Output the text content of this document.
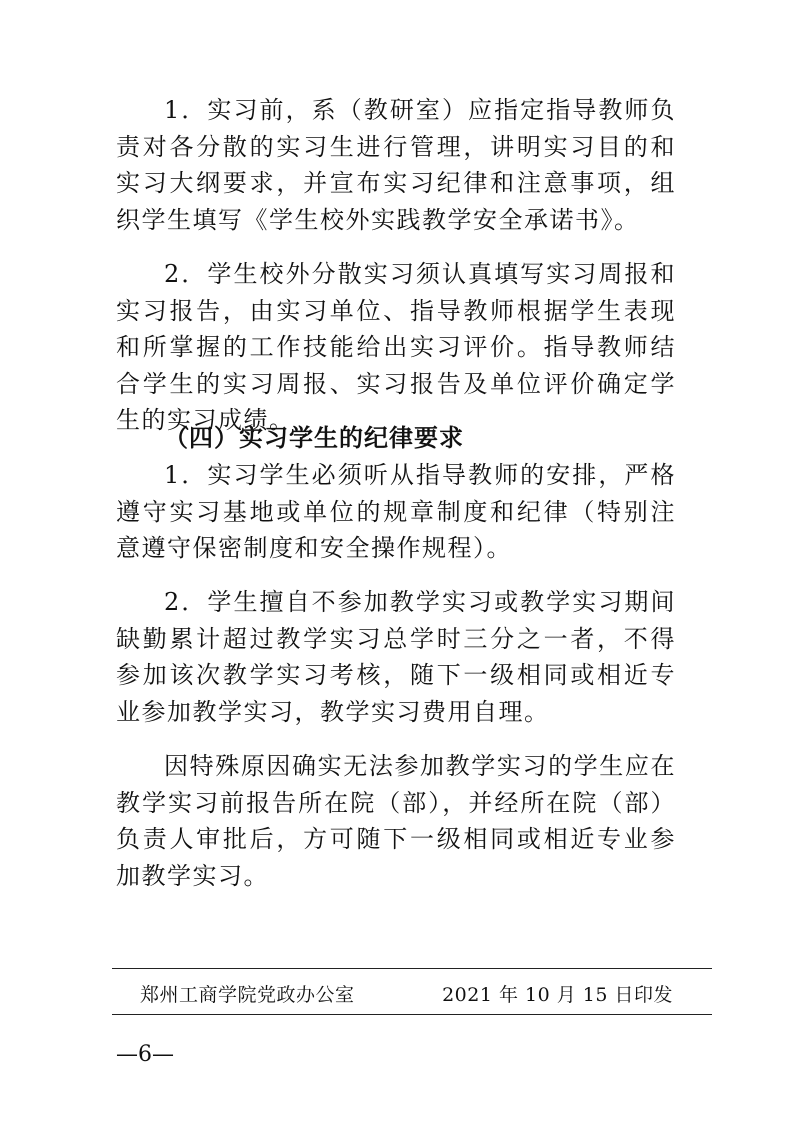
1．实习前，系（教研室）应指定指导教师负责对各分散的实习生进行管理，讲明实习目的和实习大纲要求，并宣布实习纪律和注意事项，组织学生填写《学生校外实践教学安全承诺书》。

2．学生校外分散实习须认真填写实习周报和实习报告，由实习单位、指导教师根据学生表现和所掌握的工作技能给出实习评价。指导教师结合学生的实习周报、实习报告及单位评价确定学生的实习成绩。

（四）实习学生的纪律要求

1．实习学生必须听从指导教师的安排，严格遵守实习基地或单位的规章制度和纪律（特别注意遵守保密制度和安全操作规程）。

2．学生擅自不参加教学实习或教学实习期间缺勤累计超过教学实习总学时三分之一者，不得参加该次教学实习考核，随下一级相同或相近专业参加教学实习，教学实习费用自理。

因特殊原因确实无法参加教学实习的学生应在教学实习前报告所在院（部），并经所在院（部）负责人审批后，方可随下一级相同或相近专业参加教学实习。

郑州工商学院党政办公室	2021 年 10 月 15 日印发
—6—
